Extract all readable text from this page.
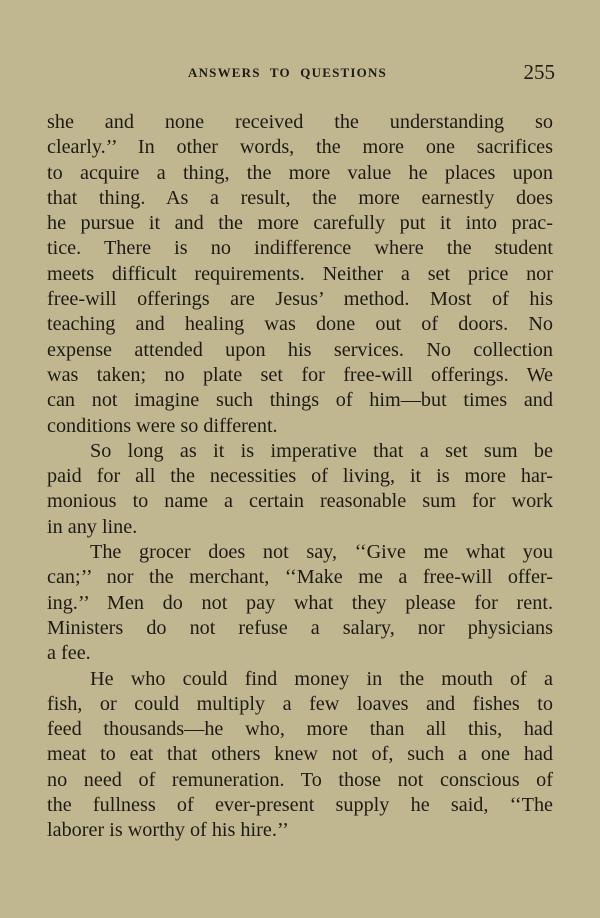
ANSWERS TO QUESTIONS	255
she and none received the understanding so
clearly.’’ In other words, the more one sacrifices
to acquire a thing, the more value he places upon
that thing. As a result, the more earnestly does
he pursue it and the more carefully put it into prac-
tice. There is no indifference where the student
meets difficult requirements. Neither a set price nor
free-will offerings are Jesus’ method. Most of his
teaching and healing was done out of doors. No
expense attended upon his services. No collection
was taken; no plate set for free-will offerings. We
can not imagine such things of him—but times and
conditions were so different.
So long as it is imperative that a set sum be
paid for all the necessities of living, it is more har-
monious to name a certain reasonable sum for work
in any line.
The grocer does not say, ‘‘Give me what you
can;’’ nor the merchant, ‘‘Make me a free-will offer-
ing.’’ Men do not pay what they please for rent.
Ministers do not refuse a salary, nor physicians
a fee.
He who could find money in the mouth of a
fish, or could multiply a few loaves and fishes to
feed thousands—he who, more than all this, had
meat to eat that others knew not of, such a one had
no need of remuneration. To those not conscious of
the fullness of ever-present supply he said, ‘‘The
laborer is worthy of his hire.’’
